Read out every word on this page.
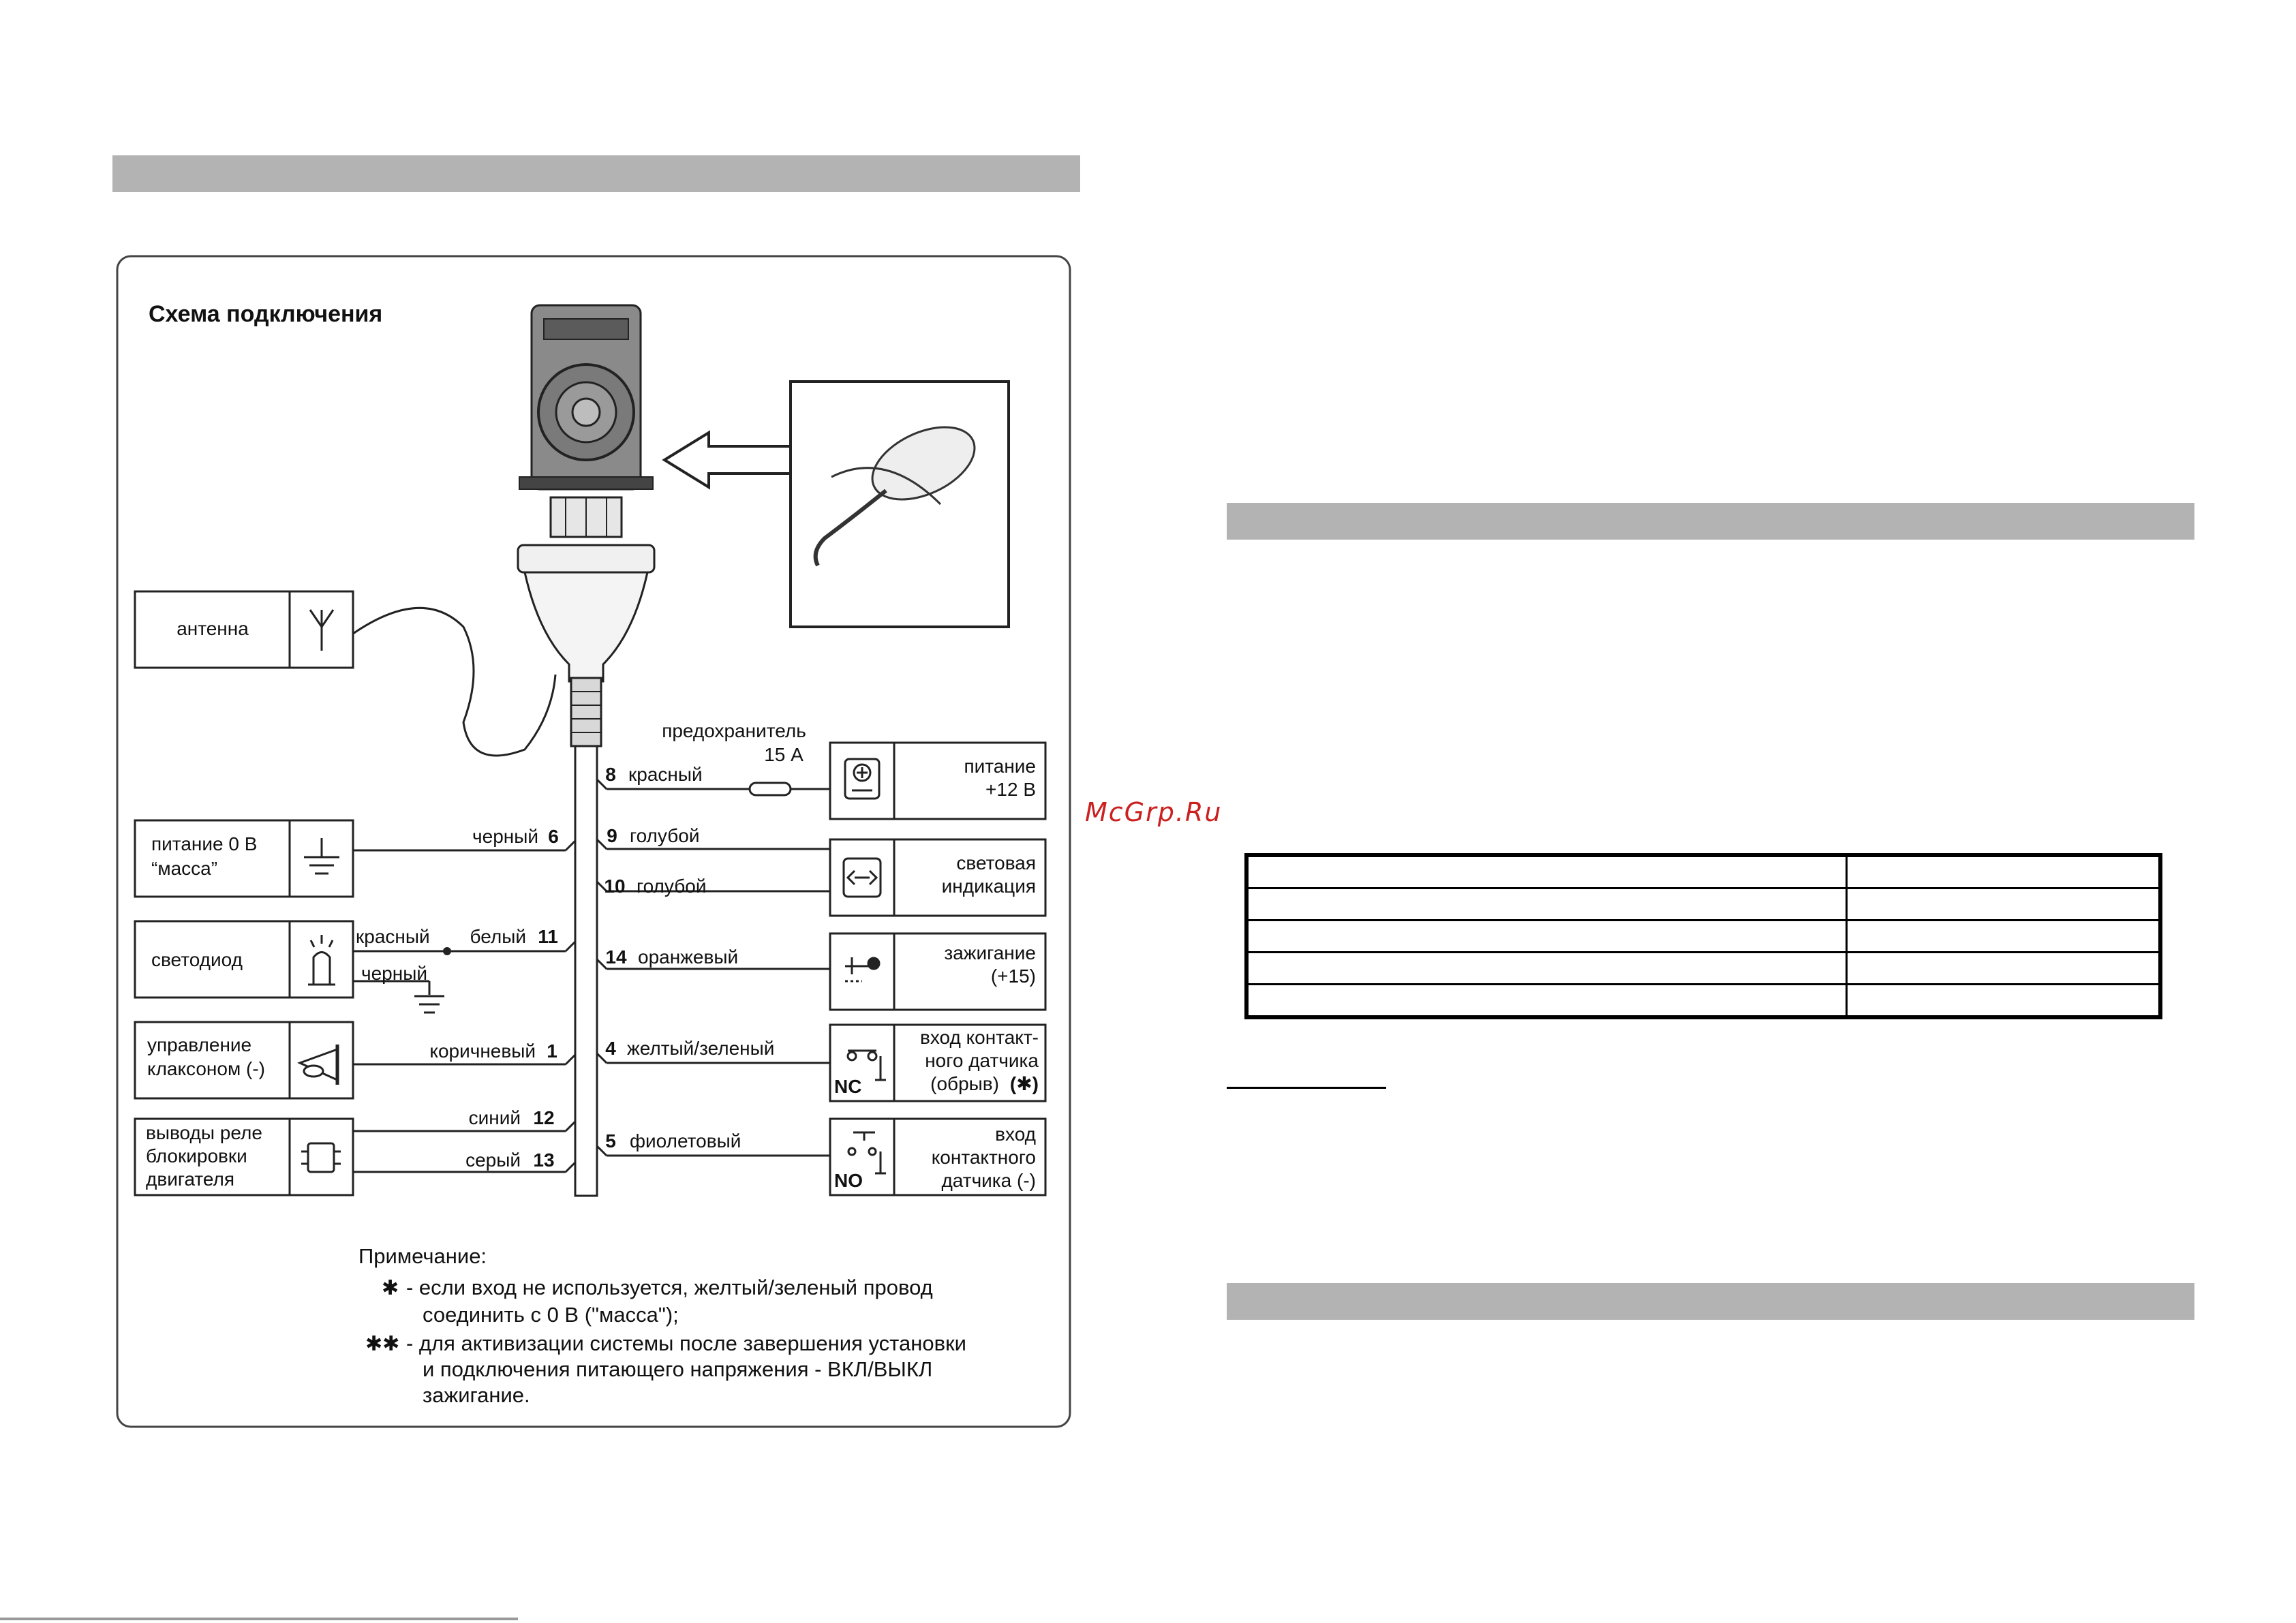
Схема подключения
антенна
питание 0 В
“масса”
светодиод
управление
клаксоном (-)
выводы реле
блокировки
двигателя
черный 6
красный белый 11
черный
коричневый 1
синий 12
серый 13
предохранитель
15 А
8 красный
9 голубой
10 голубой
14 оранжевый
4 желтый/зеленый
5 фиолетовый
питание
+12 В
световая
индикация
зажигание
(+15)
NC
вход контакт-
ного датчика
(обрыв) (✱)
NO
вход
контактного
датчика (-)
Примечание:
✱ - если вход не используется, желтый/зеленый провод
соединить с 0 В ("масса");
✱✱ - для активизации системы после завершения установки
и подключения питающего напряжения - ВКЛ/ВЫКЛ
зажигание.
McGrp.Ru
